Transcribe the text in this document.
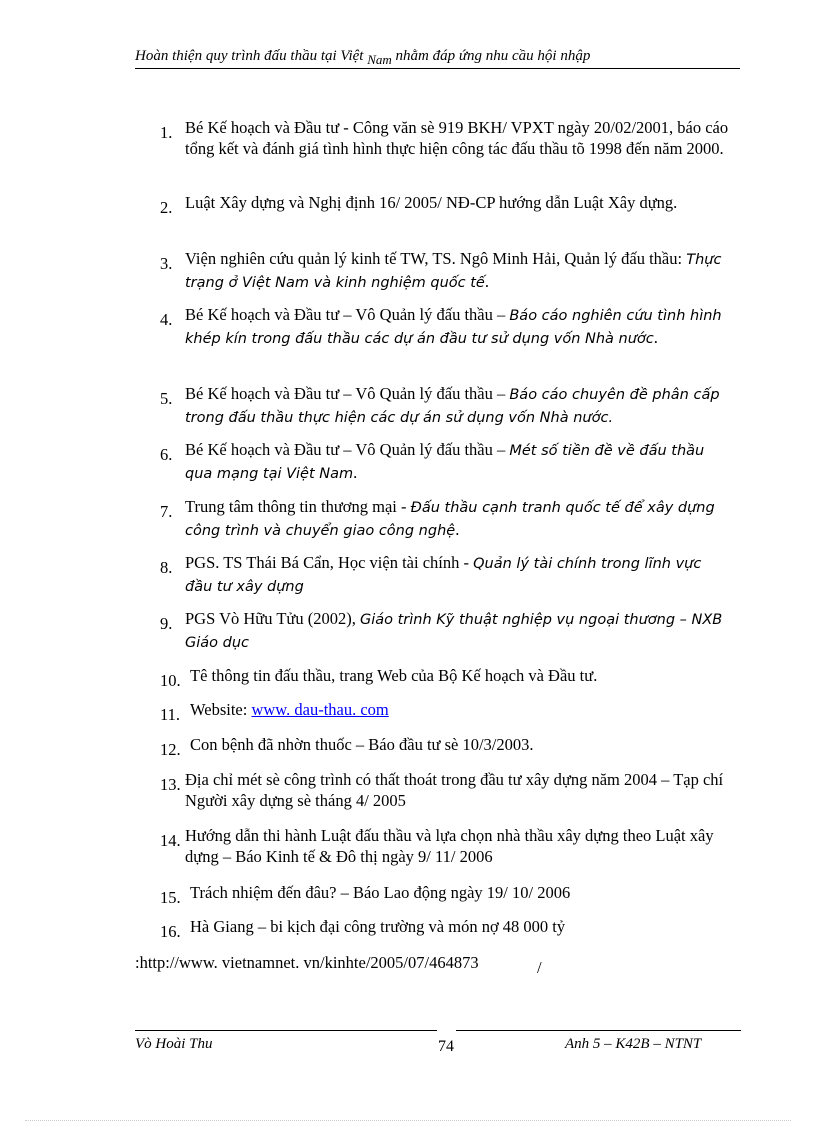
Hoàn thiện quy trình đấu thầu tại Việt Nam nhằm đáp ứng nhu cầu hội nhập
1. Bé Kế hoạch và Đầu tư - Công văn sè 919 BKH/ VPXT ngày 20/02/2001, báo cáo tổng kết và đánh giá tình hình thực hiện công tác đấu thầu tõ 1998 đến năm 2000.
2. Luật Xây dựng và Nghị định 16/ 2005/ NĐ-CP hướng dẫn Luật Xây dựng.
3. Viện nghiên cứu quản lý kinh tế TW, TS. Ngô Minh Hải, Quản lý đấu thầu: Thực trạng ở Việt Nam và kinh nghiệm quốc tế.
4. Bé Kế hoạch và Đầu tư – Vô Quản lý đấu thầu – Báo cáo nghiên cứu tình hình khép kín trong đấu thầu các dự án đầu tư sử dụng vốn Nhà nước.
5. Bé Kế hoạch và Đầu tư – Vô Quản lý đấu thầu – Báo cáo chuyên đề phân cấp trong đấu thầu thực hiện các dự án sử dụng vốn Nhà nước.
6. Bé Kế hoạch và Đầu tư – Vô Quản lý đấu thầu – Mét số tiền đề về đấu thầu qua mạng tại Việt Nam.
7. Trung tâm thông tin thương mại - Đấu thầu cạnh tranh quốc tế để xây dựng công trình và chuyển giao công nghệ.
8. PGS. TS Thái Bá Cẩn, Học viện tài chính - Quản lý tài chính trong lĩnh vực đầu tư xây dựng
9. PGS Vò Hữu Tửu (2002), Giáo trình Kỹ thuật nghiệp vụ ngoại thương – NXB Giáo dục
10. Tê thông tin đấu thầu, trang Web của Bộ Kế hoạch và Đầu tư.
11. Website: www. dau-thau. com
12. Con bệnh đã nhờn thuốc – Báo đầu tư sè 10/3/2003.
13. Địa chỉ mét sè công trình có thất thoát trong đầu tư xây dựng năm 2004 – Tạp chí Người xây dựng sè tháng 4/ 2005
14. Hướng dẫn thi hành Luật đấu thầu và lựa chọn nhà thầu xây dựng theo Luật xây dựng – Báo Kinh tế & Đô thị ngày 9/ 11/ 2006
15. Trách nhiệm đến đâu? – Báo Lao động ngày 19/ 10/ 2006
16. Hà Giang – bi kịch đại công trường và món nợ 48 000 tỷ
:http://www. vietnamnet. vn/kinhte/2005/07/464873	/
Vò Hoài Thu	74	Anh 5 – K42B – NTNT
